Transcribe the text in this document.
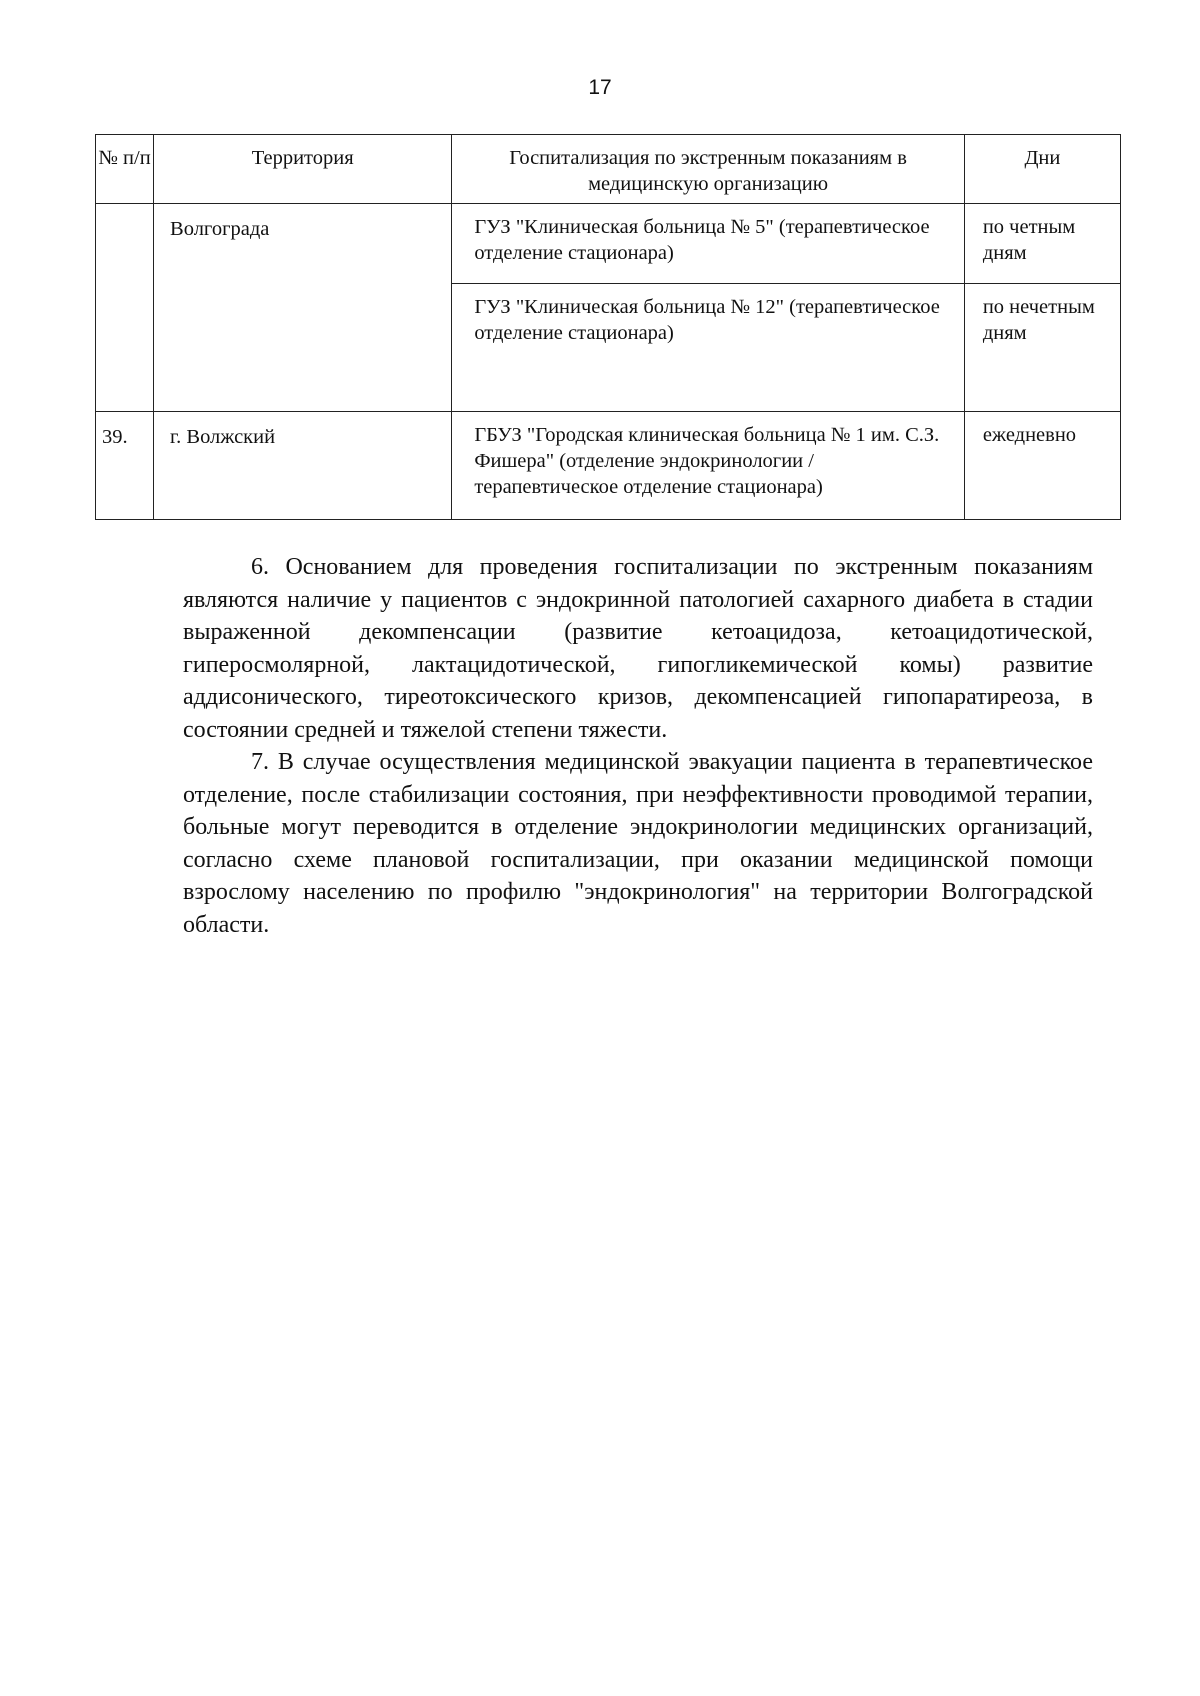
17
№ п/п	Территория	Госпитализация по экстренным показаниям в медицинскую организацию	Дни
	Волгограда	ГУЗ "Клиническая больница № 5" (терапевтическое отделение стационара)	по четным дням
		ГУЗ "Клиническая больница № 12" (терапевтическое отделение стационара)	по нечетным дням
39.	г. Волжский	ГБУЗ "Городская клиническая больница № 1 им. С.З. Фишера" (отделение эндокринологии / терапевтическое отделение стационара)	ежедневно

6. Основанием для проведения госпитализации по экстренным показаниям являются наличие у пациентов с эндокринной патологией сахарного диабета в стадии выраженной декомпенсации (развитие кетоацидоза, кетоацидотической, гиперосмолярной, лактацидотической, гипогликемической комы) развитие аддисонического, тиреотоксического кризов, декомпенсацией гипопаратиреоза, в состоянии средней и тяжелой степени тяжести.

7. В случае осуществления медицинской эвакуации пациента в терапевтическое отделение, после стабилизации состояния, при неэффективности проводимой терапии, больные могут переводится в отделение эндокринологии медицинских организаций, согласно схеме плановой госпитализации, при оказании медицинской помощи взрослому населению по профилю "эндокринология" на территории Волгоградской области.
